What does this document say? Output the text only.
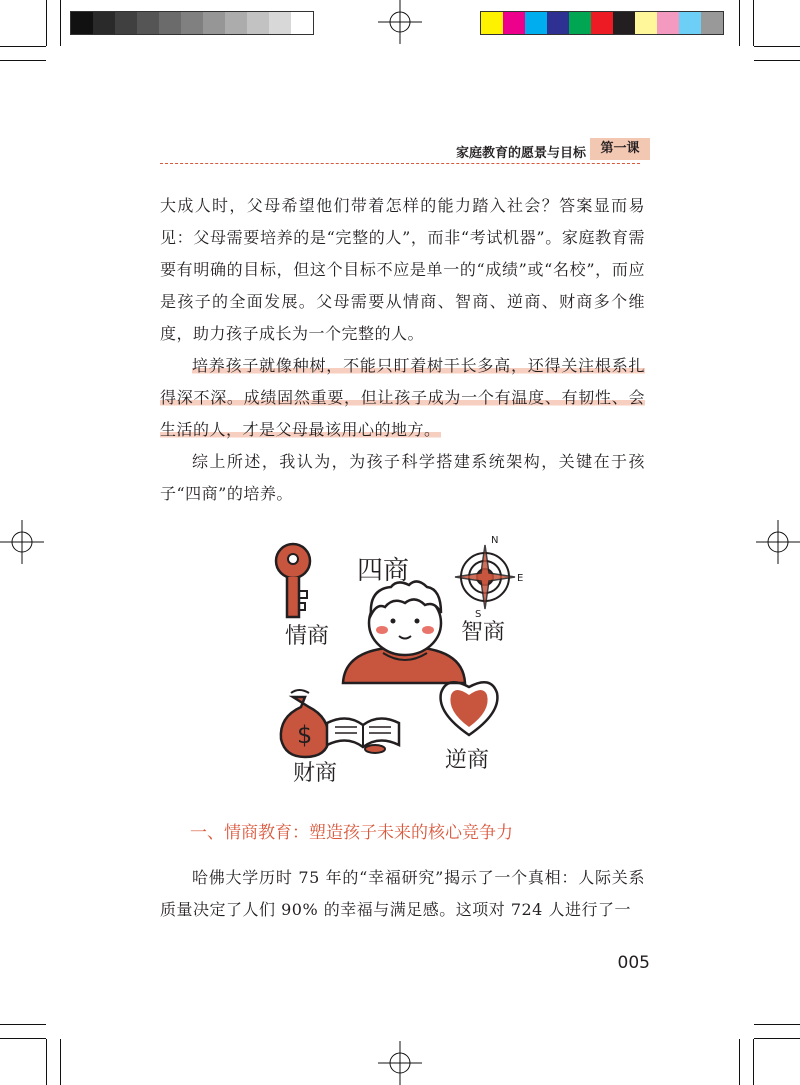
家庭教育的愿景与目标	第一课

大成人时，父母希望他们带着怎样的能力踏入社会？答案显而易见：父母需要培养的是“完整的人”，而非“考试机器”。家庭教育需要有明确的目标，但这个目标不应是单一的“成绩”或“名校”，而应是孩子的全面发展。父母需要从情商、智商、逆商、财商多个维度，助力孩子成长为一个完整的人。

培养孩子就像种树，不能只盯着树干长多高，还得关注根系扎得深不深。成绩固然重要，但让孩子成为一个有温度、有韧性、会生活的人，才是父母最该用心的地方。

综上所述，我认为，为孩子科学搭建系统架构，关键在于孩子“四商”的培养。

情商
四商
N
E
S
智商
$
财商
逆商
一、情商教育：塑造孩子未来的核心竞争力

哈佛大学历时 75 年的“幸福研究”揭示了一个真相：人际关系质量决定了人们 90% 的幸福与满足感。这项对 724 人进行了一

005
